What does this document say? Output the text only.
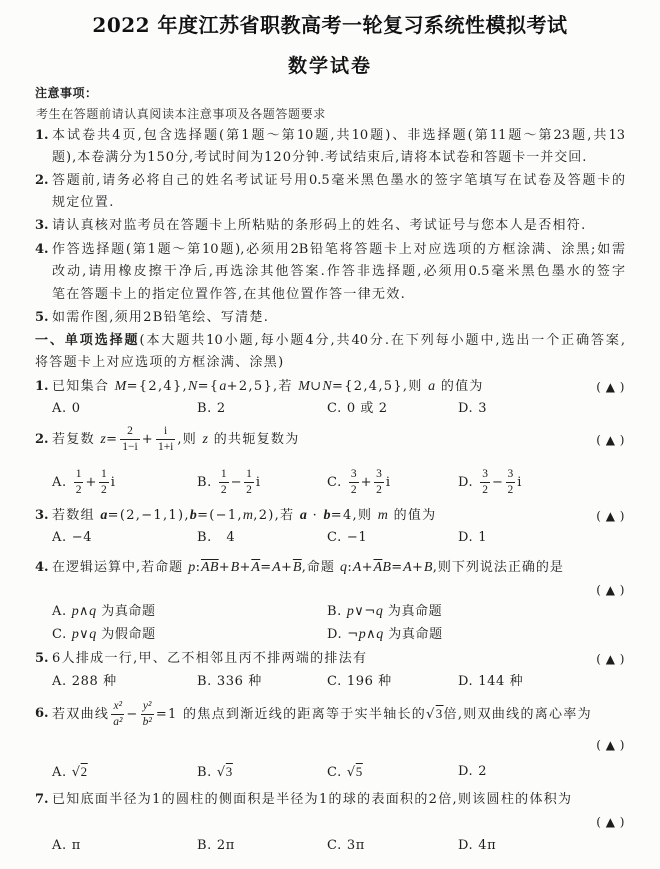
2022 年度江苏省职教高考一轮复习系统性模拟考试
数学试卷
注意事项：
考生在答题前请认真阅读本注意事项及各题答题要求
1. 本试卷共4页,包含选择题(第1题～第10题,共10题)、非选择题(第11题～第23题,共13
题),本卷满分为150分,考试时间为120分钟.考试结束后,请将本试卷和答题卡一并交回.
2. 答题前,请务必将自己的姓名考试证号用0.5毫米黑色墨水的签字笔填写在试卷及答题卡的
规定位置.
3. 请认真核对监考员在答题卡上所粘贴的条形码上的姓名、考试证号与您本人是否相符.
4. 作答选择题(第1题～第10题),必须用2B铅笔将答题卡上对应选项的方框涂满、涂黑;如需
改动,请用橡皮擦干净后,再选涂其他答案.作答非选择题,必须用0.5毫米黑色墨水的签字
笔在答题卡上的指定位置作答,在其他位置作答一律无效.
5. 如需作图,须用2B铅笔绘、写清楚.
一、单项选择题(本大题共10小题,每小题4分,共40分.在下列每小题中,选出一个正确答案,
将答题卡上对应选项的方框涂满、涂黑)
1. 已知集合 M={2,4},N={a+2,5},若 M∪N={2,4,5},则 a 的值为	( ▲ )
A. 0	B. 2	C. 0 或 2	D. 3
2. 若复数 $z= \frac{2}{1-i} + \frac{i}{1+i}$ ,则 z 的共轭复数为	( ▲ )
A. $\frac{1}{2} + \frac{1}{2}$ i	B. $\frac{1}{2} - \frac{1}{2}$ i	C. $\frac{3}{2} + \frac{3}{2}$ i	D. $\frac{3}{2} - \frac{3}{2}$ i
3. 若数组 a=(2,−1,1),b=(−1,m,2),若 a · b=4,则 m 的值为	( ▲ )
A. −4	B.  4	C. −1	D. 1
4. 在逻辑运算中,若命题 $p:\overline{AB}+B+\overline{A}=A+\overline{B}$,命题 $q:A+\overline{A}B=A+B$,则下列说法正确的是
( ▲ )
A. p∧q 为真命题	B. p∨¬q 为真命题
C. p∨q 为假命题	D. ¬p∧q 为真命题
5. 6人排成一行,甲、乙不相邻且丙不排两端的排法有	( ▲ )
A. 288 种	B. 336 种	C. 196 种	D. 144 种
6. 若双曲线 $\frac{\text{x²}}{\text{a²}} - \frac{\text{y²}}{\text{b²}} =1$ 的焦点到渐近线的距离等于实半轴长的√3倍,则双曲线的离心率为
( ▲ )
A. √2	B. √3	C. √5	D. 2
7. 已知底面半径为1的圆柱的侧面积是半径为1的球的表面积的2倍,则该圆柱的体积为
( ▲ )
A. π	B. 2π	C. 3π	D. 4π
